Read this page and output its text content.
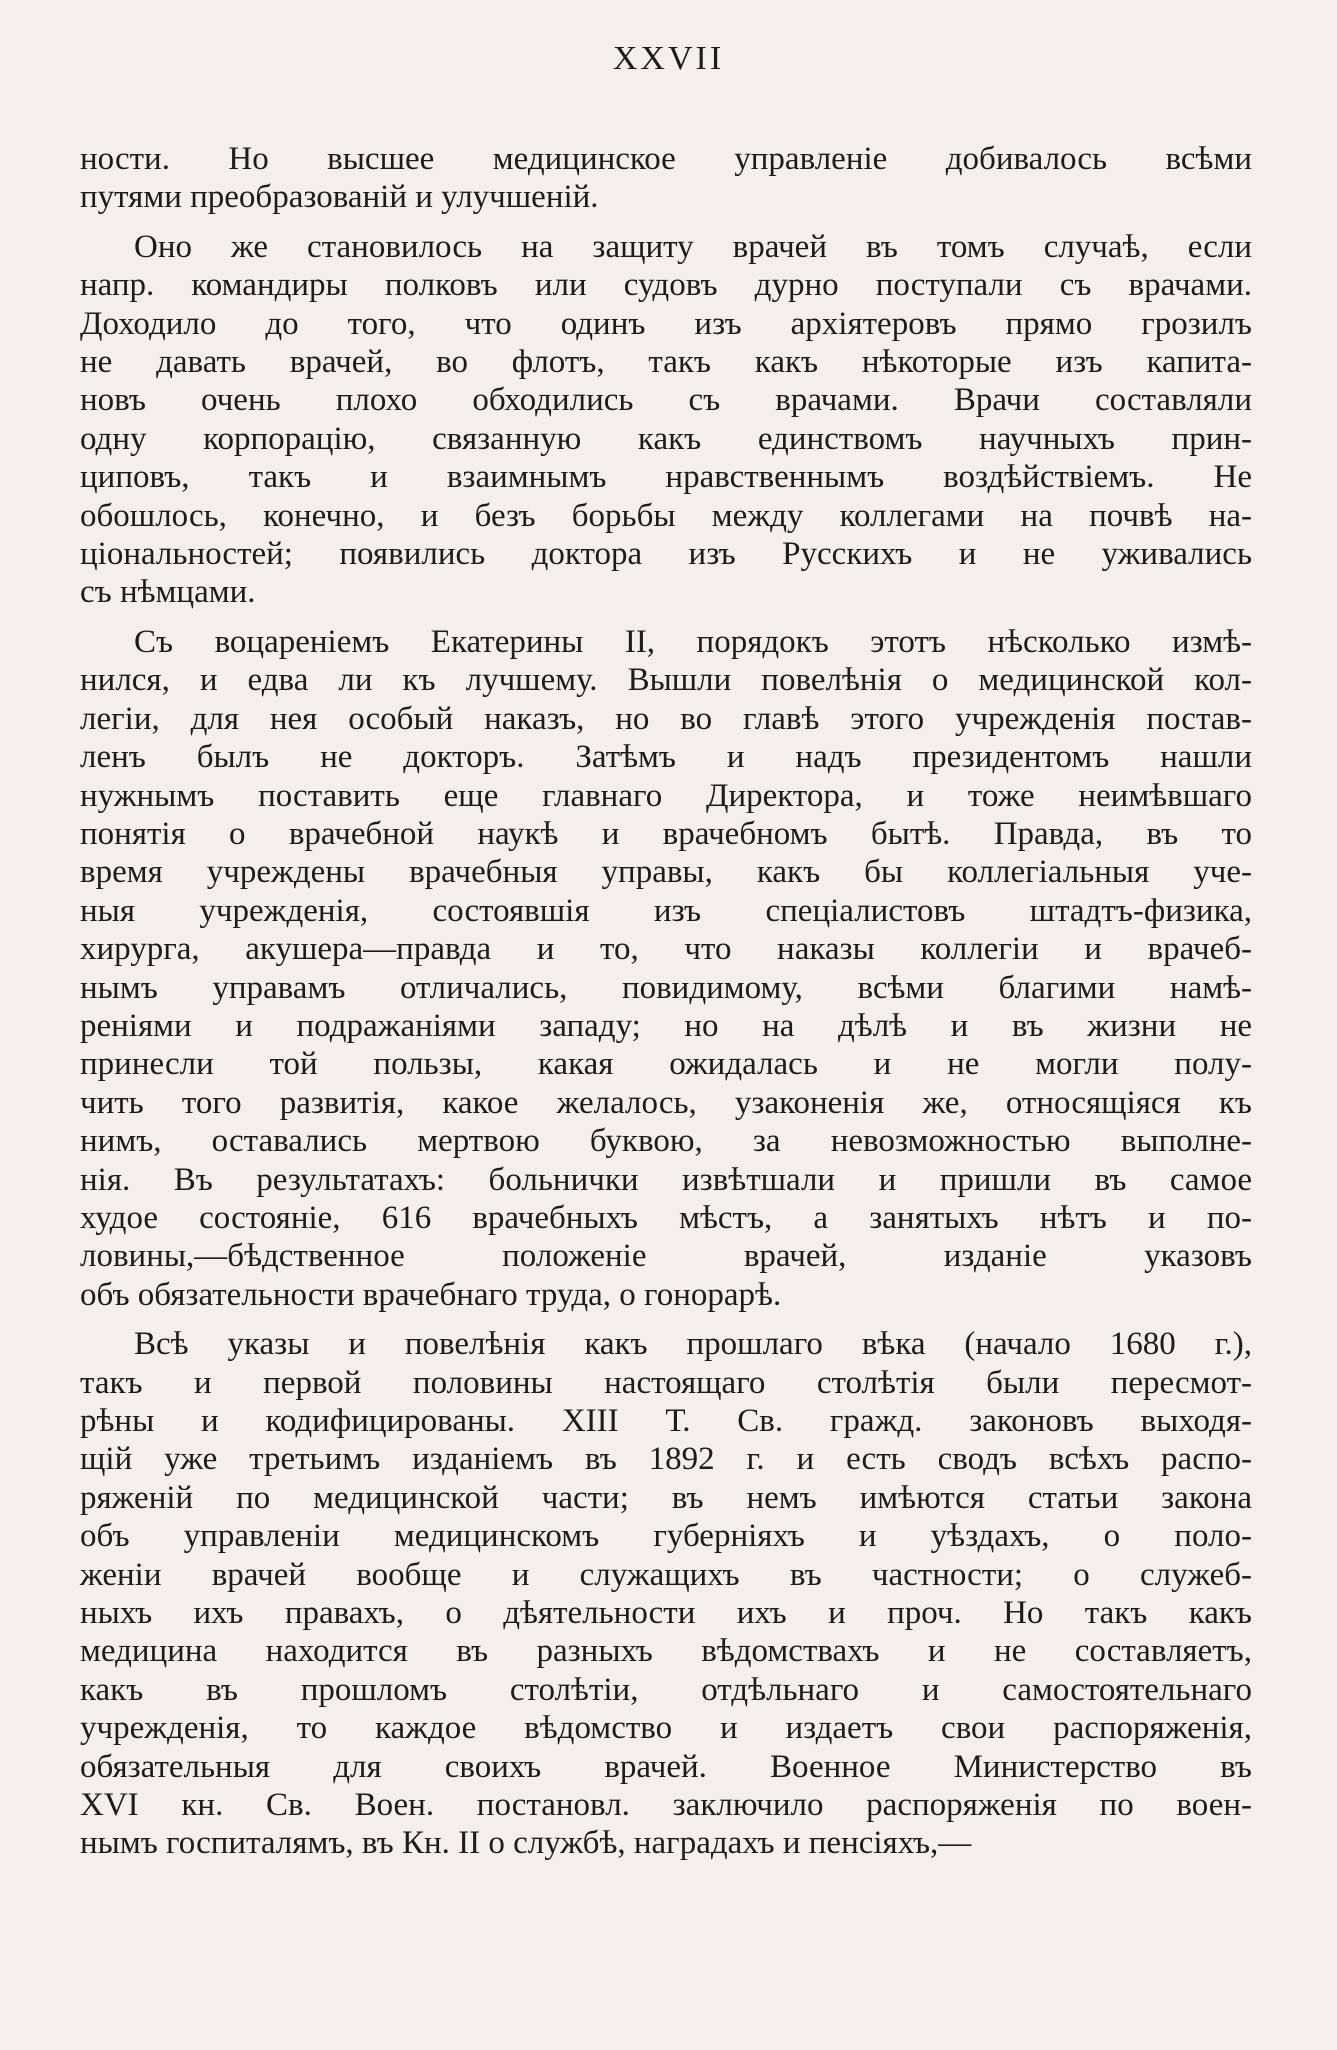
XXVII
ности. Но высшее медицинское управленіе добивалось всѣми
путями преобразованій и улучшеній.
Оно же становилось на защиту врачей въ томъ случаѣ, если
напр. командиры полковъ или судовъ дурно поступали съ врачами.
Доходило до того, что одинъ изъ архіятеровъ прямо грозилъ
не давать врачей, во флотъ, такъ какъ нѣкоторые изъ капита-
новъ очень плохо обходились съ врачами. Врачи составляли
одну корпорацію, связанную какъ единствомъ научныхъ прин-
циповъ, такъ и взаимнымъ нравственнымъ воздѣйствіемъ. Не
обошлось, конечно, и безъ борьбы между коллегами на почвѣ на-
ціональностей; появились доктора изъ Русскихъ и не уживались
съ нѣмцами.
Съ воцареніемъ Екатерины II, порядокъ этотъ нѣсколько измѣ-
нился, и едва ли къ лучшему. Вышли повелѣнія о медицинской кол-
легіи, для нея особый наказъ, но во главѣ этого учрежденія постав-
ленъ былъ не докторъ. Затѣмъ и надъ президентомъ нашли
нужнымъ поставить еще главнаго Директора, и тоже неимѣвшаго
понятія о врачебной наукѣ и врачебномъ бытѣ. Правда, въ то
время учреждены врачебныя управы, какъ бы коллегіальныя уче-
ныя учрежденія, состоявшія изъ спеціалистовъ штадтъ-физика,
хирурга, акушера—правда и то, что наказы коллегіи и врачеб-
нымъ управамъ отличались, повидимому, всѣми благими намѣ-
реніями и подражаніями западу; но на дѣлѣ и въ жизни не
принесли той пользы, какая ожидалась и не могли полу-
чить того развитія, какое желалось, узаконенія же, относящіяся къ
нимъ, оставались мертвою буквою, за невозможностью выполне-
нія. Въ результатахъ: больнички извѣтшали и пришли въ самое
худое состояніе, 616 врачебныхъ мѣстъ, а занятыхъ нѣтъ и по-
ловины,—бѣдственное положеніе врачей, изданіе указовъ
объ обязательности врачебнаго труда, о гонорарѣ.
Всѣ указы и повелѣнія какъ прошлаго вѣка (начало 1680 г.),
такъ и первой половины настоящаго столѣтія были пересмот-
рѣны и кодифицированы. XIII Т. Св. гражд. законовъ выходя-
щій уже третьимъ изданіемъ въ 1892 г. и есть сводъ всѣхъ распо-
ряженій по медицинской части; въ немъ имѣются статьи закона
объ управленіи медицинскомъ губерніяхъ и уѣздахъ, о поло-
женіи врачей вообще и служащихъ въ частности; о служеб-
ныхъ ихъ правахъ, о дѣятельности ихъ и проч. Но такъ какъ
медицина находится въ разныхъ вѣдомствахъ и не составляетъ,
какъ въ прошломъ столѣтіи, отдѣльнаго и самостоятельнаго
учрежденія, то каждое вѣдомство и издаетъ свои распоряженія,
обязательныя для своихъ врачей. Военное Министерство въ
XVI кн. Св. Воен. постановл. заключило распоряженія по воен-
нымъ госпиталямъ, въ Кн. II о службѣ, наградахъ и пенсіяхъ,—
